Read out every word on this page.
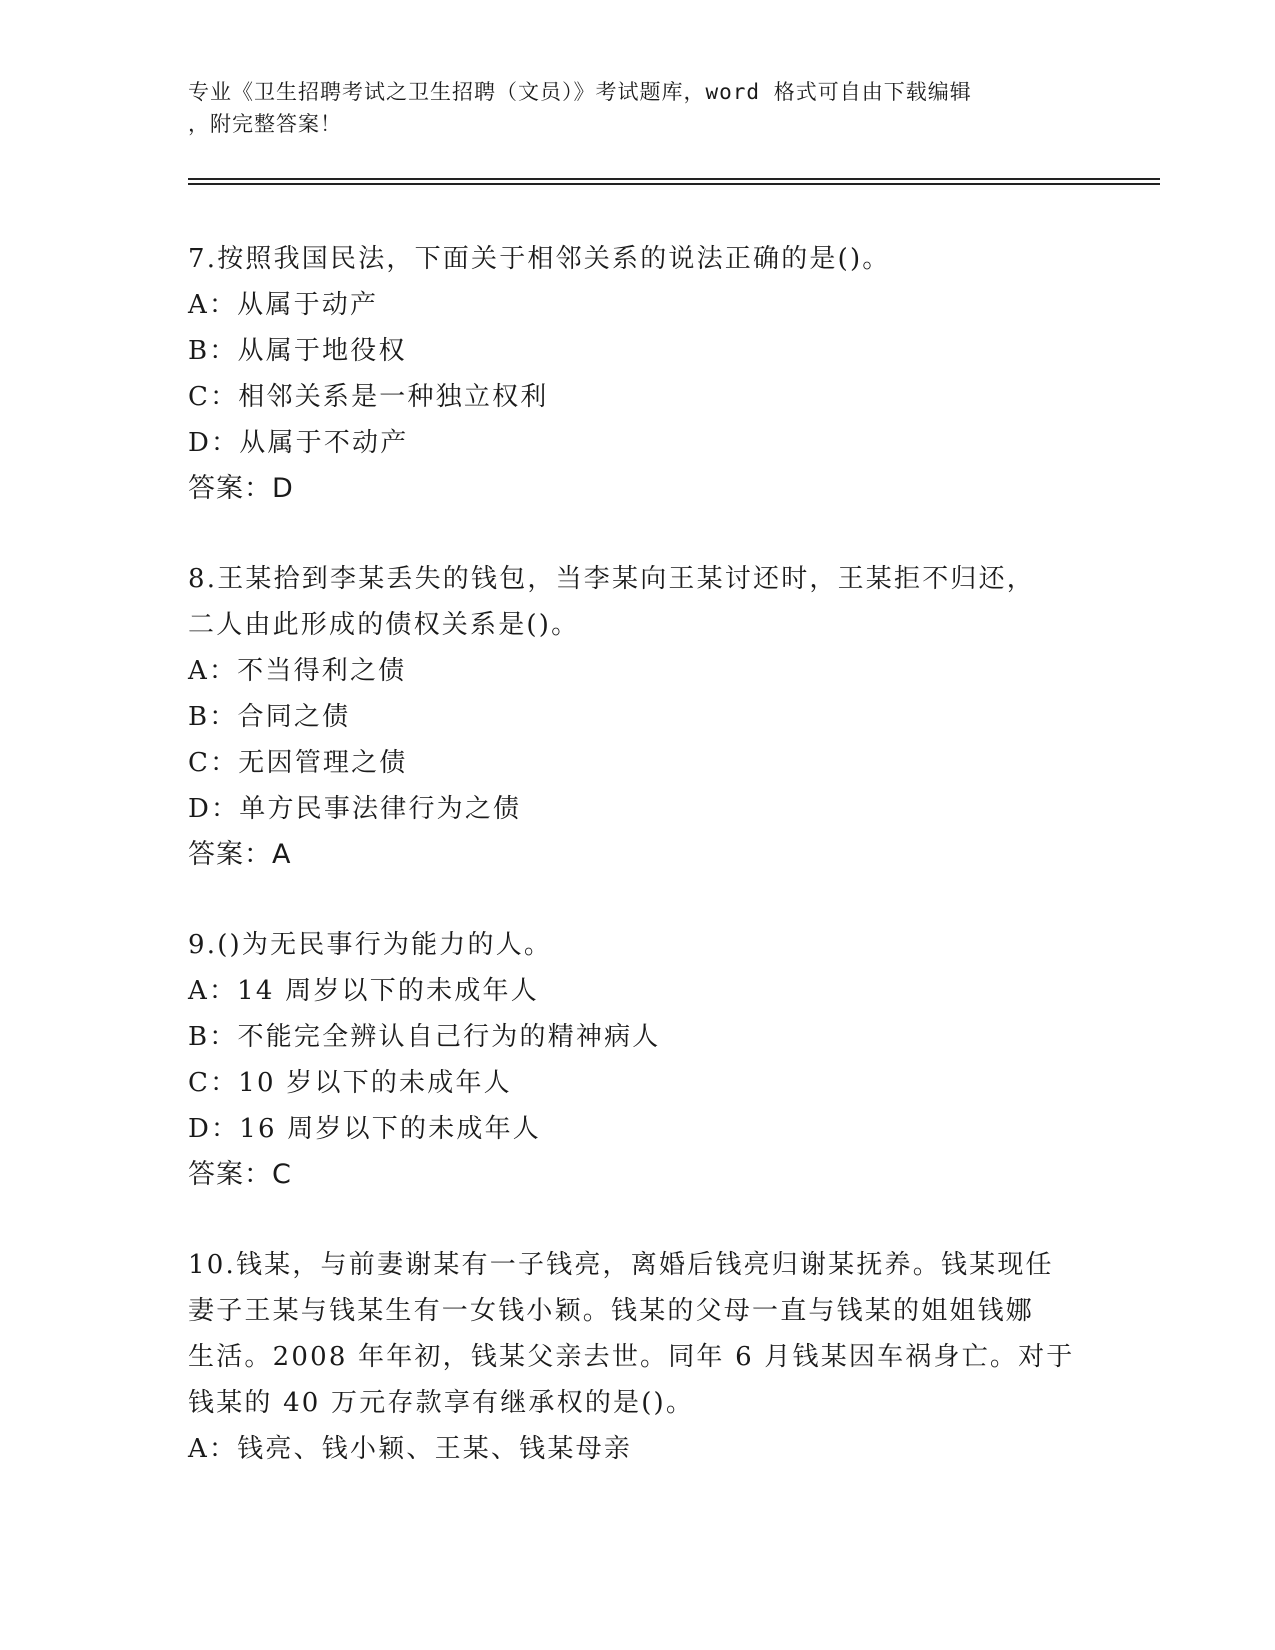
专业《卫生招聘考试之卫生招聘（文员）》考试题库，word 格式可自由下载编辑
，附完整答案！

7.按照我国民法，下面关于相邻关系的说法正确的是()。

A：从属于动产

B：从属于地役权

C：相邻关系是一种独立权利

D：从属于不动产

答案：D

8.王某拾到李某丢失的钱包，当李某向王某讨还时，王某拒不归还，

二人由此形成的债权关系是()。

A：不当得利之债

B：合同之债

C：无因管理之债

D：单方民事法律行为之债

答案：A

9.()为无民事行为能力的人。

A：14 周岁以下的未成年人

B：不能完全辨认自己行为的精神病人

C：10 岁以下的未成年人

D：16 周岁以下的未成年人

答案：C

10.钱某，与前妻谢某有一子钱亮，离婚后钱亮归谢某抚养。钱某现任

妻子王某与钱某生有一女钱小颖。钱某的父母一直与钱某的姐姐钱娜

生活。2008 年年初，钱某父亲去世。同年 6 月钱某因车祸身亡。对于

钱某的 40 万元存款享有继承权的是()。

A：钱亮、钱小颖、王某、钱某母亲
